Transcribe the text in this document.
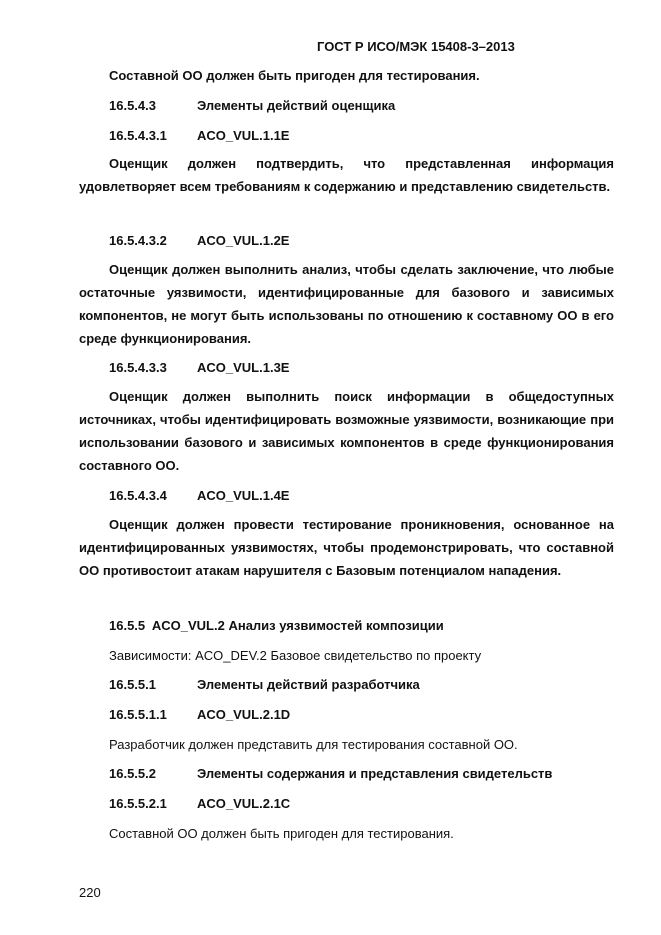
ГОСТ Р ИСО/МЭК 15408-3–2013
Составной ОО должен быть пригоден для тестирования.
16.5.4.3	Элементы действий оценщика
16.5.4.3.1 ACO_VUL.1.1E
Оценщик должен подтвердить, что представленная информация удовлетворяет всем требованиям к содержанию и представлению свидетельств.
16.5.4.3.2 ACO_VUL.1.2E
Оценщик должен выполнить анализ, чтобы сделать заключение, что любые остаточные уязвимости, идентифицированные для базового и зависимых компонентов, не могут быть использованы по отношению к составному ОО в его среде функционирования.
16.5.4.3.3 ACO_VUL.1.3E
Оценщик должен выполнить поиск информации в общедоступных источниках, чтобы идентифицировать возможные уязвимости, возникающие при использовании базового и зависимых компонентов в среде функционирования составного ОО.
16.5.4.3.4 ACO_VUL.1.4E
Оценщик должен провести тестирование проникновения, основанное на идентифицированных уязвимостях, чтобы продемонстрировать, что составной ОО противостоит атакам нарушителя с Базовым потенциалом нападения.
16.5.5  ACO_VUL.2 Анализ уязвимостей композиции
Зависимости: ACO_DEV.2 Базовое свидетельство по проекту
16.5.5.1	Элементы действий разработчика
16.5.5.1.1 ACO_VUL.2.1D
Разработчик должен представить для тестирования составной ОО.
16.5.5.2	Элементы содержания и представления свидетельств
16.5.5.2.1 ACO_VUL.2.1C
Составной ОО должен быть пригоден для тестирования.
220
